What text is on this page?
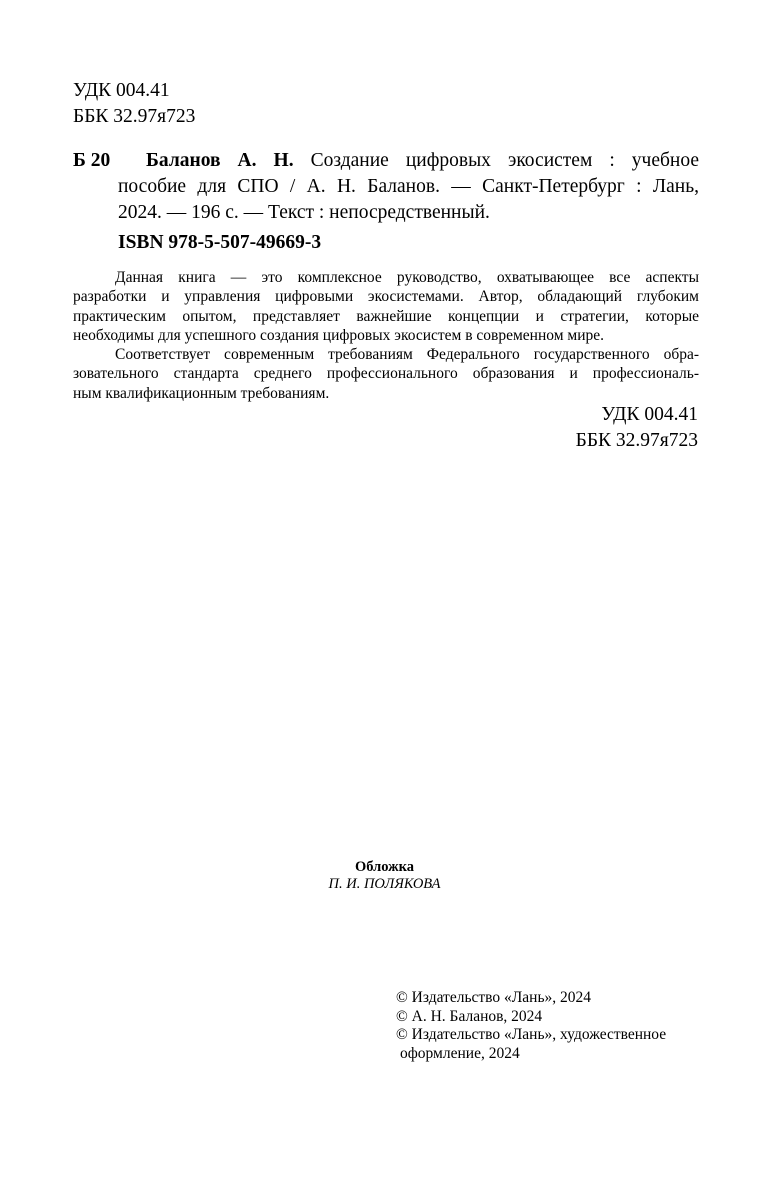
УДК 004.41
ББК 32.97я723
Б 20 Баланов А. Н. Создание цифровых экосистем : учебное
пособие для СПО / А. Н. Баланов. — Санкт-Петербург : Лань,
2024. — 196 с. — Текст : непосредственный.
ISBN 978-5-507-49669-3
Данная книга — это комплексное руководство, охватывающее все аспекты
разработки и управления цифровыми экосистемами. Автор, обладающий глубоким
практическим опытом, представляет важнейшие концепции и стратегии, которые
необходимы для успешного создания цифровых экосистем в современном мире.
Соответствует современным требованиям Федерального государственного обра-
зовательного стандарта среднего профессионального образования и профессиональ-
ным квалификационным требованиям.
УДК 004.41
ББК 32.97я723
Обложка
П. И. ПОЛЯКОВА
© Издательство «Лань», 2024
© А. Н. Баланов, 2024
© Издательство «Лань», художественное
оформление, 2024
